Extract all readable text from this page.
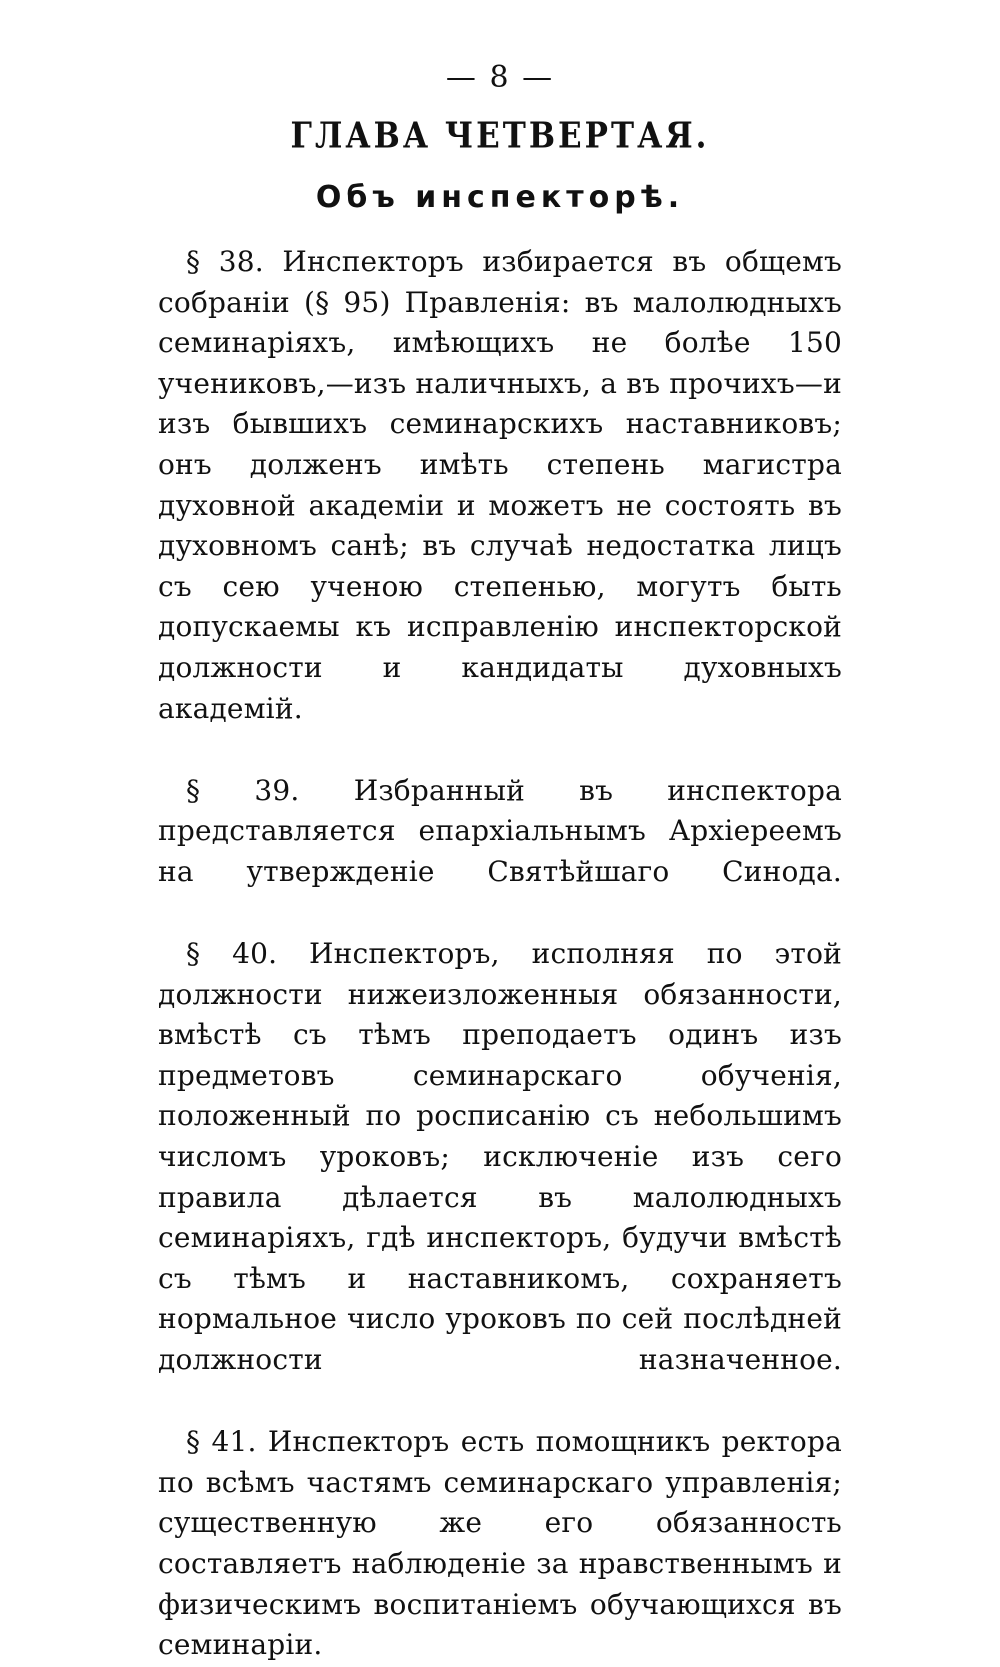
— 8 —
ГЛАВА ЧЕТВЕРТАЯ.
Объ инспекторѣ.

§ 38. Инспекторъ избирается въ общемъ собраніи (§ 95) Правленія: въ малолюдныхъ семинаріяхъ, имѣющихъ не болѣе 150 учениковъ,—изъ наличныхъ, а въ прочихъ—и изъ бывшихъ семинарскихъ наставниковъ; онъ долженъ имѣть степень магистра духовной академіи и можетъ не состоять въ духовномъ санѣ; въ случаѣ недостатка лицъ съ сею ученою степенью, могутъ быть допускаемы къ исправленію инспекторской должности и кандидаты духовныхъ академій.

§ 39. Избранный въ инспектора представляется епархіальнымъ Архіереемъ на утвержденіе Святѣйшаго Синода.

§ 40. Инспекторъ, исполняя по этой должности нижеизложенныя обязанности, вмѣстѣ съ тѣмъ преподаетъ одинъ изъ предметовъ семинарскаго обученія, положенный по росписанію съ небольшимъ числомъ уроковъ; исключеніе изъ сего правила дѣлается въ малолюдныхъ семинаріяхъ, гдѣ инспекторъ, будучи вмѣстѣ съ тѣмъ и наставникомъ, сохраняетъ нормальное число уроковъ по сей послѣдней должности назначенное.

§ 41. Инспекторъ есть помощникъ ректора по всѣмъ частямъ семинарскаго управленія; существенную же его обязанность составляетъ наблюденіе за нравственнымъ и физическимъ воспитаніемъ обучающихся въ семинаріи.
